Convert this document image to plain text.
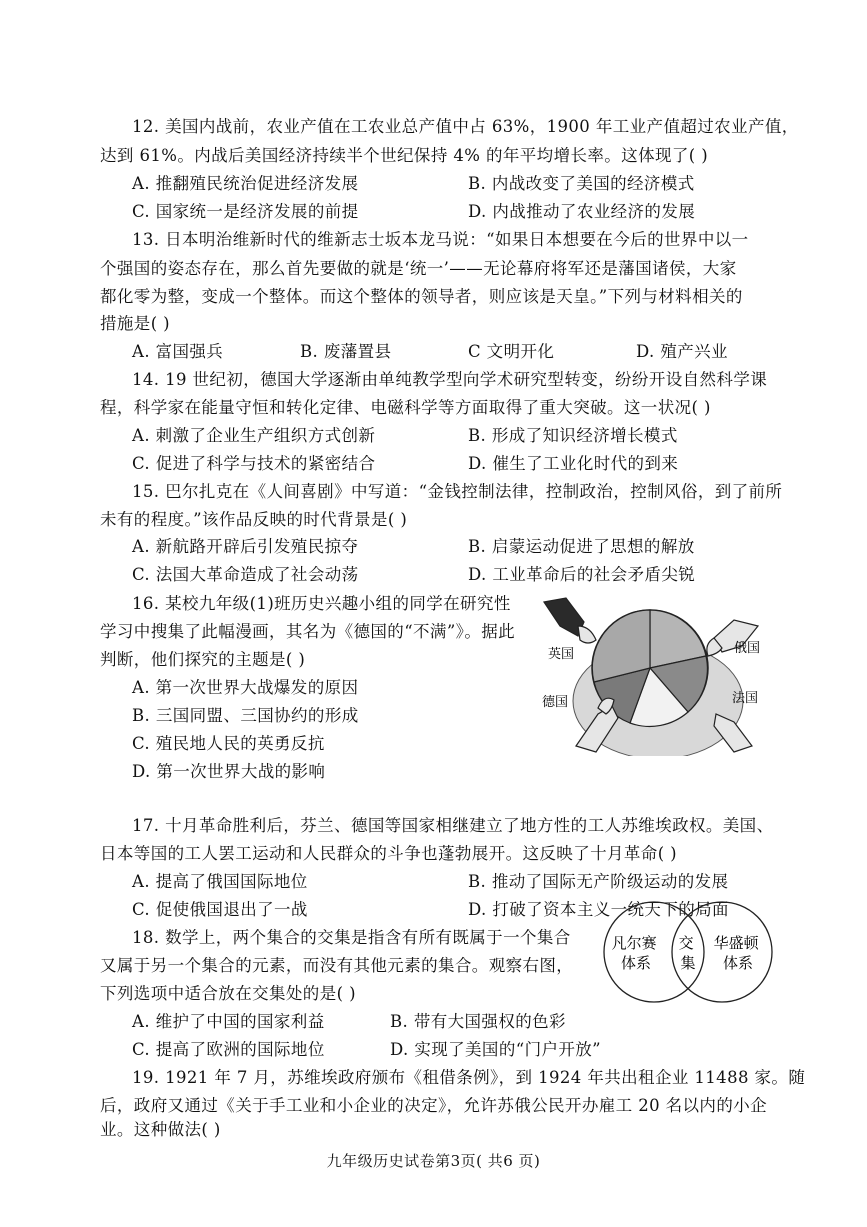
12. 美国内战前，农业产值在工农业总产值中占 63%，1900 年工业产值超过农业产值，
达到 61%。内战后美国经济持续半个世纪保持 4% 的年平均增长率。这体现了( )
A. 推翻殖民统治促进经济发展	B. 内战改变了美国的经济模式
C. 国家统一是经济发展的前提	D. 内战推动了农业经济的发展
13. 日本明治维新时代的维新志士坂本龙马说：“如果日本想要在今后的世界中以一
个强国的姿态存在，那么首先要做的就是‘统一’——无论幕府将军还是藩国诸侯，大家
都化零为整，变成一个整体。而这个整体的领导者，则应该是天皇。”下列与材料相关的
措施是( )
A. 富国强兵	B. 废藩置县	C 文明开化	D. 殖产兴业
14. 19 世纪初，德国大学逐渐由单纯教学型向学术研究型转变，纷纷开设自然科学课
程，科学家在能量守恒和转化定律、电磁科学等方面取得了重大突破。这一状况( )
A. 刺激了企业生产组织方式创新	B. 形成了知识经济增长模式
C. 促进了科学与技术的紧密结合	D. 催生了工业化时代的到来
15. 巴尔扎克在《人间喜剧》中写道：“金钱控制法律，控制政治，控制风俗，到了前所
未有的程度。”该作品反映的时代背景是( )
A. 新航路开辟后引发殖民掠夺	B. 启蒙运动促进了思想的解放
C. 法国大革命造成了社会动荡	D. 工业革命后的社会矛盾尖锐
16. 某校九年级(1)班历史兴趣小组的同学在研究性
学习中搜集了此幅漫画，其名为《德国的“不满”》。据此
判断，他们探究的主题是( )
A. 第一次世界大战爆发的原因
B. 三国同盟、三国协约的形成
C. 殖民地人民的英勇反抗
D. 第一次世界大战的影响
英国
德国
俄国
法国
17. 十月革命胜利后，芬兰、德国等国家相继建立了地方性的工人苏维埃政权。美国、
日本等国的工人罢工运动和人民群众的斗争也蓬勃展开。这反映了十月革命( )
A. 提高了俄国国际地位	B. 推动了国际无产阶级运动的发展
C. 促使俄国退出了一战	D. 打破了资本主义一统天下的局面
18. 数学上，两个集合的交集是指含有所有既属于一个集合
又属于另一个集合的元素，而没有其他元素的集合。观察右图，
下列选项中适合放在交集处的是( )
A. 维护了中国的国家利益	B. 带有大国强权的色彩
C. 提高了欧洲的国际地位	D. 实现了美国的“门户开放”
凡尔赛 体系
交 集
华盛顿 体系
19. 1921 年 7 月，苏维埃政府颁布《租借条例》，到 1924 年共出租企业 11488 家。随
后，政府又通过《关于手工业和小企业的决定》，允许苏俄公民开办雇工 20 名以内的小企
九年级历史试卷第3页( 共6 页)
业。这种做法( )
